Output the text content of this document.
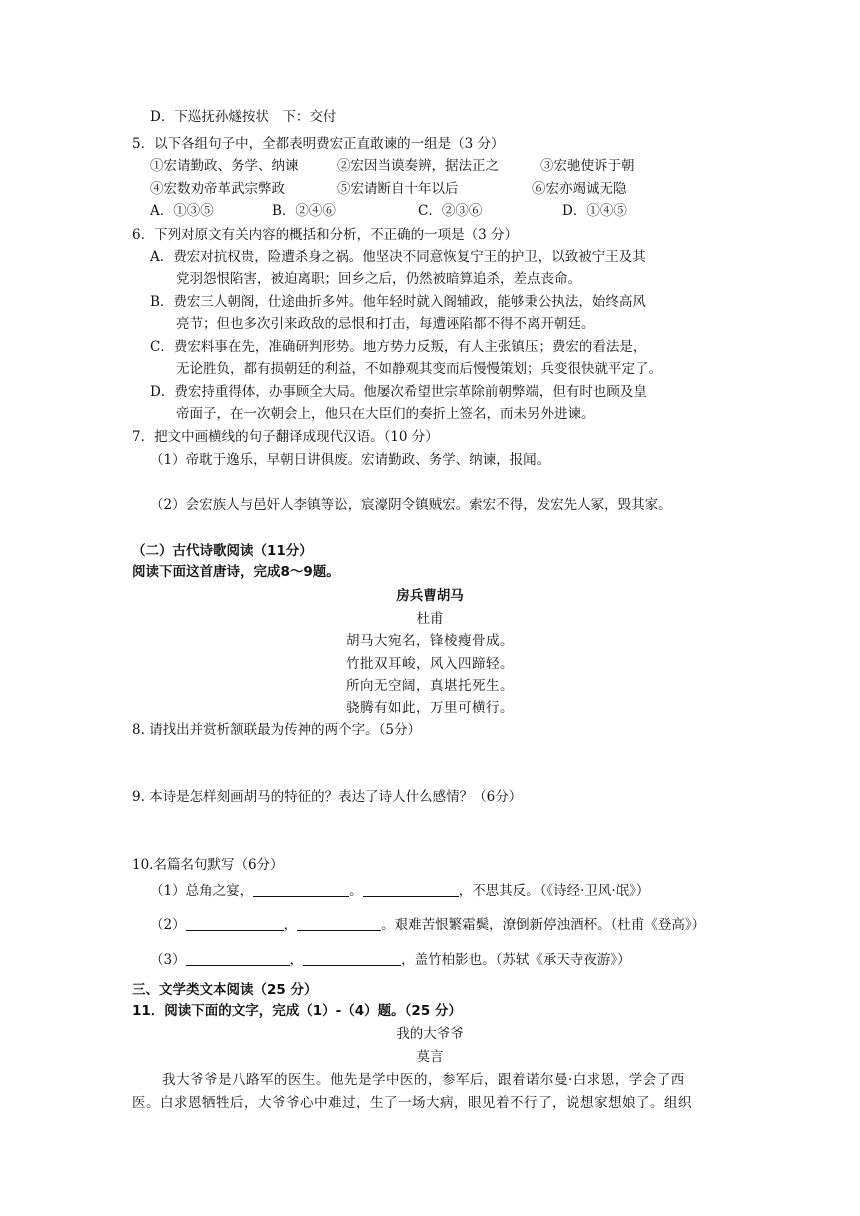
D．下巡抚孙燧按状　下：交付
5．以下各组句子中，全都表明费宏正直敢谏的一组是（3 分）
①宏请勤政、务学、纳谏	②宏因当谟奏辨，据法正之	③宏驰使诉于朝
④宏数劝帝革武宗弊政	⑤宏请断自十年以后	⑥宏亦竭诚无隐
A．①③⑤	B．②④⑥	C．②③⑥	D．①④⑤
6．下列对原文有关内容的概括和分析，不正确的一项是（3 分）
A．费宏对抗权贵，险遭杀身之祸。他坚决不同意恢复宁王的护卫，以致被宁王及其
党羽怨恨陷害，被迫离职；回乡之后，仍然被暗算追杀，差点丧命。
B．费宏三人朝阁，仕途曲折多舛。他年轻时就入阁辅政，能够秉公执法，始终高风
亮节；但也多次引来政敌的忌恨和打击，每遭诬陷都不得不离开朝廷。
C．费宏料事在先，准确研判形势。地方势力反叛，有人主张镇压；费宏的看法是，
无论胜负，都有损朝廷的利益，不如静观其变而后慢慢策划；兵变很快就平定了。
D．费宏持重得体，办事顾全大局。他屡次希望世宗革除前朝弊端，但有时也顾及皇
帝面子，在一次朝会上，他只在大臣们的奏折上签名，而未另外进谏。
7．把文中画横线的句子翻译成现代汉语。（10 分）
（1）帝耽于逸乐，早朝日讲俱废。宏请勤政、务学、纳谏，报闻。
（2）会宏族人与邑奸人李镇等讼，宸濠阴令镇贼宏。索宏不得，发宏先人冢，毁其家。
（二）古代诗歌阅读（11分）
阅读下面这首唐诗，完成8～9题。
房兵曹胡马
杜甫
胡马大宛名，锋棱瘦骨成。
竹批双耳峻，风入四蹄轻。
所向无空阔，真堪托死生。
骁腾有如此，万里可横行。
8. 请找出并赏析颔联最为传神的两个字。（5分）
9. 本诗是怎样刻画胡马的特征的？表达了诗人什么感情？（6分）
10.名篇名句默写（6分）
（1）总角之宴，	。	，不思其反。（《诗经·卫风·氓》）
（2）	，	。艰难苦恨繁霜鬓，潦倒新停浊酒杯。（杜甫《登高》）
（3）	，	，盖竹柏影也。（苏轼《承天寺夜游》）
三、文学类文本阅读（25 分）
11．阅读下面的文字，完成（1）-（4）题。（25 分）
我的大爷爷
莫言
我大爷爷是八路军的医生。他先是学中医的，参军后，跟着诺尔曼·白求恩，学会了西
医。白求恩牺牲后，大爷爷心中难过，生了一场大病，眼见着不行了，说想家想娘了。组织
